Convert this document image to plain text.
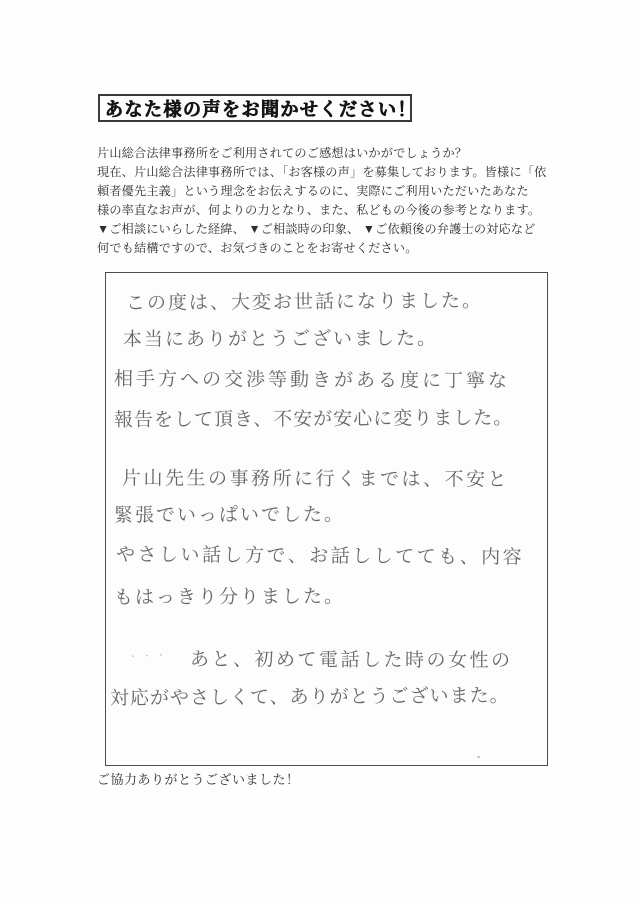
あなた様の声をお聞かせください！
片山総合法律事務所をご利用されてのご感想はいかがでしょうか？
現在、片山総合法律事務所では、「お客様の声」を募集しております。皆様に「依
頼者優先主義」という理念をお伝えするのに、実際にご利用いただいたあなた
様の率直なお声が、何よりの力となり、また、私どもの今後の参考となります。
▼ご相談にいらした経緯、 ▼ご相談時の印象、 ▼ご依頼後の弁護士の対応など
何でも結構ですので、お気づきのことをお寄せください。
この度は、大変お世話になりました。
本当にありがとうございました。
相手方への交渉等動きがある度に丁寧な
報告をして頂き、不安が安心に変りました。
片山先生の事務所に行くまでは、不安と
緊張でいっぱいでした。
やさしい話し方で、お話ししてても、内容
もはっきり分りました。
・・・	あと、初めて電話した時の女性の
対応がやさしくて、ありがとうございまた。
ご協力ありがとうございました！
